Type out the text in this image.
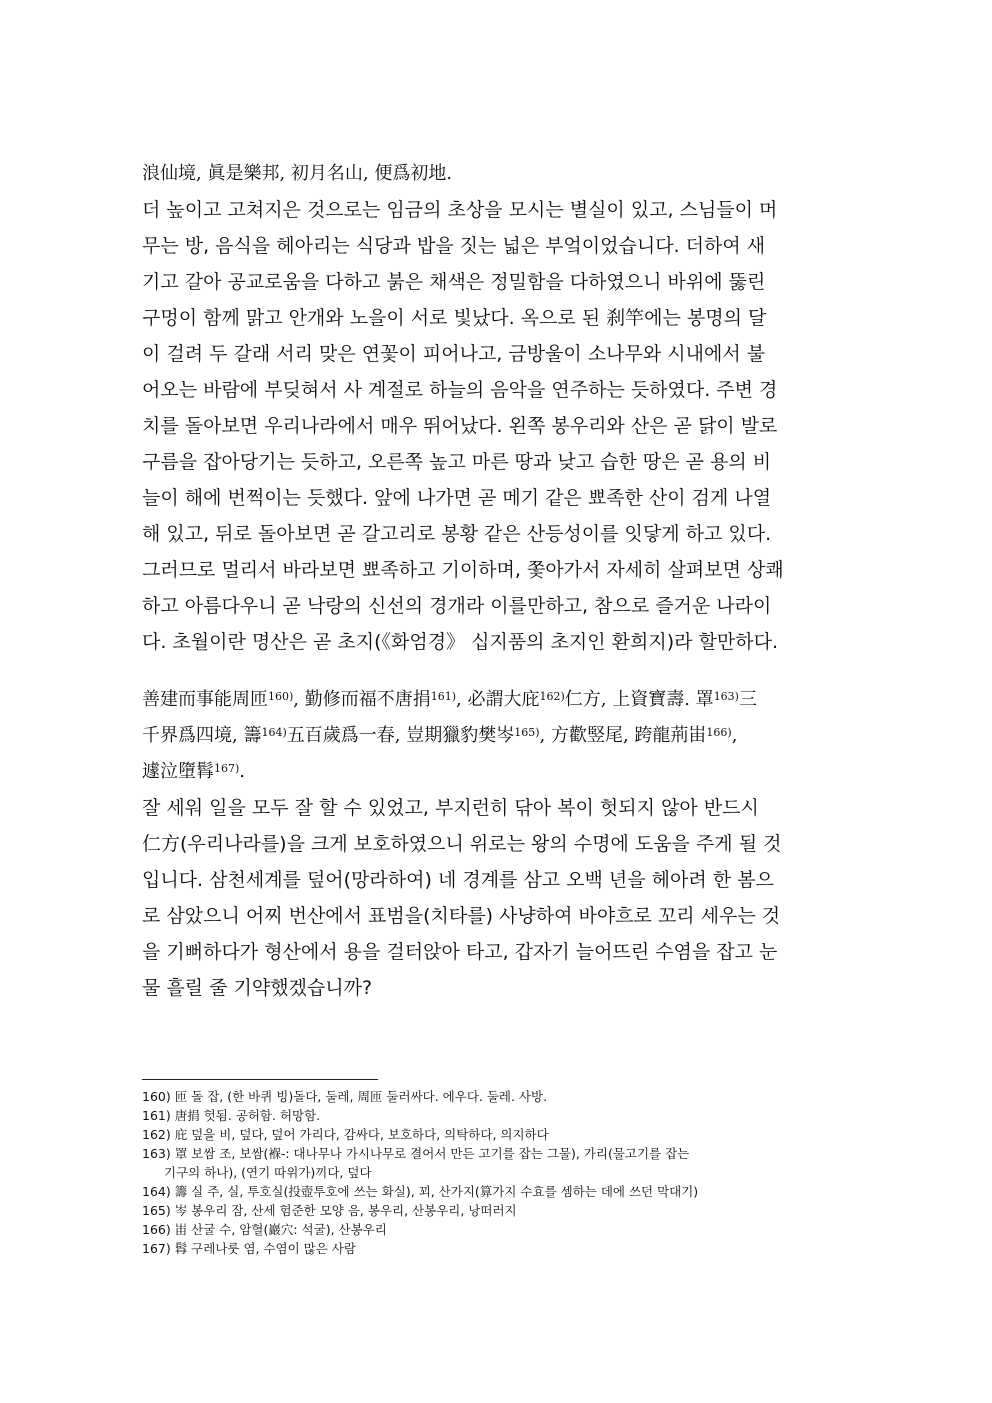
浪仙境, 眞是樂邦, 初月名山, 便爲初地.

더 높이고 고쳐지은 것으로는 임금의 초상을 모시는 별실이 있고, 스님들이 머

무는 방, 음식을 헤아리는 식당과 밥을 짓는 넓은 부엌이었습니다. 더하여 새

기고 갈아 공교로움을 다하고 붉은 채색은 정밀함을 다하였으니 바위에 뚫린

구멍이 함께 맑고 안개와 노을이 서로 빛났다. 옥으로 된 刹竿에는 봉명의 달

이 걸려 두 갈래 서리 맞은 연꽃이 피어나고, 금방울이 소나무와 시내에서 불

어오는 바람에 부딪혀서 사 계절로 하늘의 음악을 연주하는 듯하였다. 주변 경

치를 돌아보면 우리나라에서 매우 뛰어났다. 왼쪽 봉우리와 산은 곧 닭이 발로

구름을 잡아당기는 듯하고, 오른쪽 높고 마른 땅과 낮고 습한 땅은 곧 용의 비

늘이 해에 번쩍이는 듯했다. 앞에 나가면 곧 메기 같은 뾰족한 산이 검게 나열

해 있고, 뒤로 돌아보면 곧 갈고리로 봉황 같은 산등성이를 잇닿게 하고 있다.

그러므로 멀리서 바라보면 뾰족하고 기이하며, 쫓아가서 자세히 살펴보면 상쾌

하고 아름다우니 곧 낙랑의 신선의 경개라 이를만하고, 참으로 즐거운 나라이

다. 초월이란 명산은 곧 초지(《화엄경》 십지품의 초지인 환희지)라 할만하다.

善建而事能周匝$^{160)}$, 勤修而福不唐捐$^{161)}$, 必謂大庇$^{162)}$仁方, 上資寶壽. 罩$^{163)}$三

千界爲四境, 籌$^{164)}$五百歲爲一春, 豈期獵豹樊岑$^{165)}$, 方歡竪尾, 跨龍荊峀$^{166)}$,

遽泣墮髥$^{167)}$.

잘 세워 일을 모두 잘 할 수 있었고, 부지런히 닦아 복이 헛되지 않아 반드시

仁方(우리나라를)을 크게 보호하였으니 위로는 왕의 수명에 도움을 주게 될 것

입니다. 삼천세계를 덮어(망라하여) 네 경계를 삼고 오백 년을 헤아려 한 봄으

로 삼았으니 어찌 번산에서 표범을(치타를) 사냥하여 바야흐로 꼬리 세우는 것

을 기뻐하다가 형산에서 용을 걸터앉아 타고, 갑자기 늘어뜨린 수염을 잡고 눈

물 흘릴 줄 기약했겠습니까?

160) 匝 돌 잡, (한 바퀴 빙)돌다, 둘레, 周匝 둘러싸다. 에우다. 둘레. 사방.
161) 唐捐 헛됨. 공허함. 허망함.
162) 庇 덮을 비, 덮다, 덮어 가리다, 감싸다, 보호하다, 의탁하다, 의지하다
163) 罩 보쌈 조, 보쌈(褓-: 대나무나 가시나무로 결어서 만든 고기를 잡는 그물), 가리(물고기를 잡는
기구의 하나), (연기 따위가)끼다, 덮다
164) 籌 실 주, 실, 투호실(投壺투호에 쓰는 화실), 꾀, 산가지(算가지 수효를 셈하는 데에 쓰던 막대기)
165) 岑 봉우리 잠, 산세 험준한 모양 음, 봉우리, 산봉우리, 낭떠러지
166) 峀 산굴 수, 암혈(巖穴: 석굴), 산봉우리
167) 髥 구레나룻 염, 수염이 많은 사람
